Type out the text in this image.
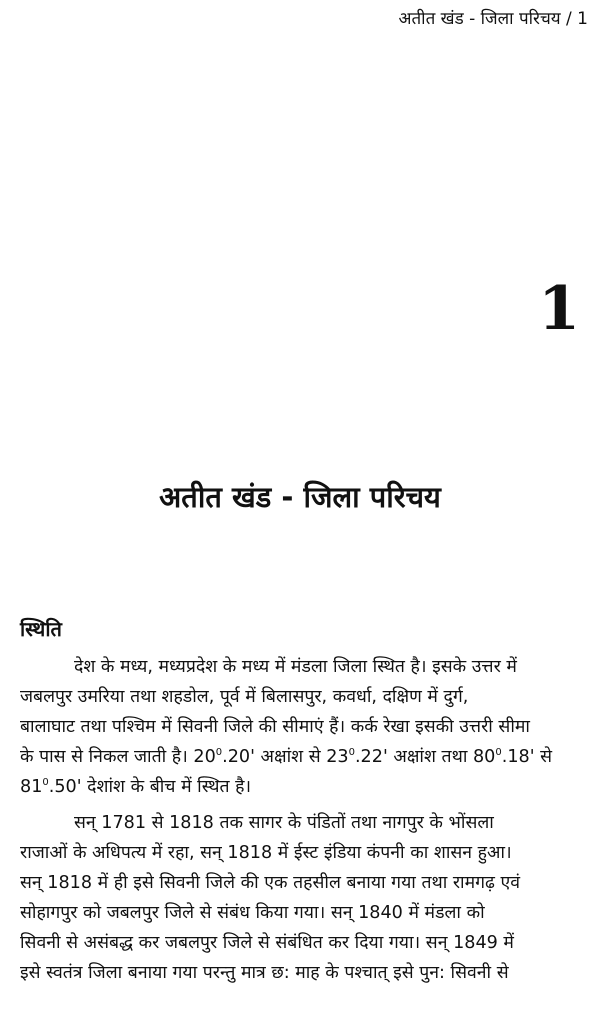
अतीत खंड - जिला परिचय / 1
1
अतीत खंड - जिला परिचय
स्थिति
देश के मध्य, मध्यप्रदेश के मध्य में मंडला जिला स्थित है। इसके उत्तर में
जबलपुर उमरिया तथा शहडोल, पूर्व में बिलासपुर, कवर्धा, दक्षिण में दुर्ग,
बालाघाट तथा पश्चिम में सिवनी जिले की सीमाएं हैं। कर्क रेखा इसकी उत्तरी सीमा
के पास से निकल जाती है। $20^0.20'$ अक्षांश से $23^0.22'$ अक्षांश तथा $80^0.18'$ से
$81^0.50'$ देशांश के बीच में स्थित है।
सन् 1781 से 1818 तक सागर के पंडितों तथा नागपुर के भोंसला
राजाओं के अधिपत्य में रहा, सन् 1818 में ईस्ट इंडिया कंपनी का शासन हुआ।
सन् 1818 में ही इसे सिवनी जिले की एक तहसील बनाया गया तथा रामगढ़ एवं
सोहागपुर को जबलपुर जिले से संबंध किया गया। सन् 1840 में मंडला को
सिवनी से असंबद्ध कर जबलपुर जिले से संबंधित कर दिया गया। सन् 1849 में
इसे स्वतंत्र जिला बनाया गया परन्तु मात्र छ: माह के पश्चात् इसे पुन: सिवनी से
